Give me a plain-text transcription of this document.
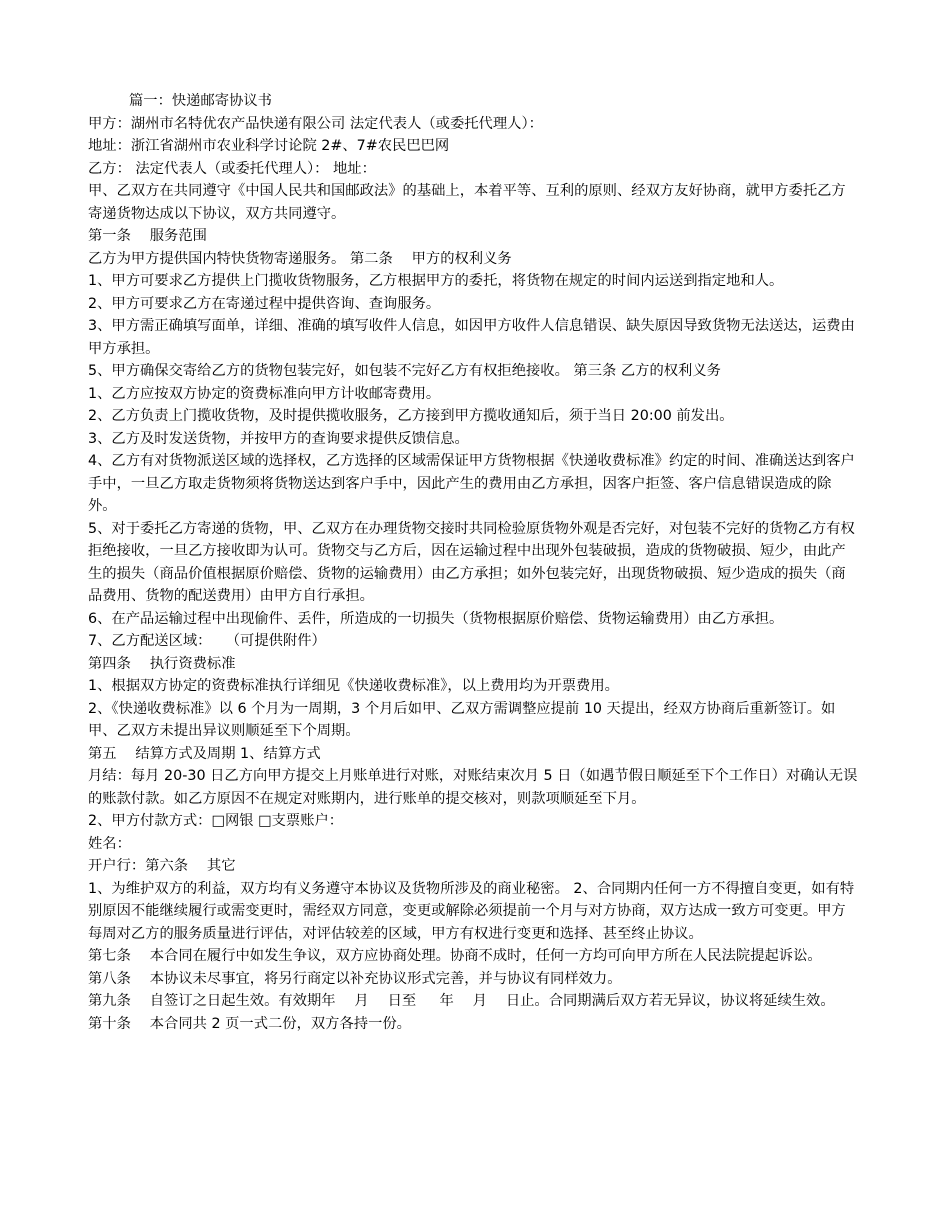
篇一：快递邮寄协议书

甲方：湖州市名特优农产品快递有限公司 法定代表人（或委托代理人）：

地址：浙江省湖州市农业科学讨论院 2#、7#农民巴巴网

乙方： 法定代表人（或委托代理人）： 地址：

甲、乙双方在共同遵守《中国人民共和国邮政法》的基础上，本着平等、互利的原则、经双方友好协商，就甲方委托乙方寄递货物达成以下协议，双方共同遵守。

第一条　 服务范围

乙方为甲方提供国内特快货物寄递服务。 第二条 　甲方的权利义务

1、甲方可要求乙方提供上门揽收货物服务，乙方根据甲方的委托，将货物在规定的时间内运送到指定地和人。

2、甲方可要求乙方在寄递过程中提供咨询、查询服务。

3、甲方需正确填写面单，详细、准确的填写收件人信息，如因甲方收件人信息错误、缺失原因导致货物无法送达，运费由甲方承担。

5、甲方确保交寄给乙方的货物包装完好，如包装不完好乙方有权拒绝接收。 第三条 乙方的权利义务

1、乙方应按双方协定的资费标准向甲方计收邮寄费用。

2、乙方负责上门揽收货物，及时提供揽收服务，乙方接到甲方揽收通知后，须于当日 20:00 前发出。

3、乙方及时发送货物，并按甲方的查询要求提供反馈信息。

4、乙方有对货物派送区域的选择权，乙方选择的区域需保证甲方货物根据《快递收费标准》约定的时间、准确送达到客户手中，一旦乙方取走货物须将货物送达到客户手中，因此产生的费用由乙方承担，因客户拒签、客户信息错误造成的除外。

5、对于委托乙方寄递的货物，甲、乙双方在办理货物交接时共同检验原货物外观是否完好，对包装不完好的货物乙方有权拒绝接收，一旦乙方接收即为认可。货物交与乙方后，因在运输过程中出现外包装破损，造成的货物破损、短少，由此产生的损失（商品价值根据原价赔偿、货物的运输费用）由乙方承担；如外包装完好，出现货物破损、短少造成的损失（商品费用、货物的配送费用）由甲方自行承担。

6、在产品运输过程中出现偷件、丢件，所造成的一切损失（货物根据原价赔偿、货物运输费用）由乙方承担。

7、乙方配送区域：　　（可提供附件）

第四条 　执行资费标准

1、根据双方协定的资费标准执行详细见《快递收费标准》，以上费用均为开票费用。

2、《快递收费标准》以 6 个月为一周期，3 个月后如甲、乙双方需调整应提前 10 天提出，经双方协商后重新签订。如甲、乙双方未提出异议则顺延至下个周期。

第五 　结算方式及周期 1、结算方式

月结：每月 20-30 日乙方向甲方提交上月账单进行对账，对账结束次月 5 日（如遇节假日顺延至下个工作日）对确认无误的账款付款。如乙方原因不在规定对账期内，进行账单的提交核对，则款项顺延至下月。

2、甲方付款方式：□网银 □支票账户：

姓名：

开户行：第六条 　其它

1、为维护双方的利益，双方均有义务遵守本协议及货物所涉及的商业秘密。 2、合同期内任何一方不得擅自变更，如有特别原因不能继续履行或需变更时，需经双方同意，变更或解除必须提前一个月与对方协商，双方达成一致方可变更。甲方每周对乙方的服务质量进行评估，对评估较差的区域，甲方有权进行变更和选择、甚至终止协议。

第七条 　本合同在履行中如发生争议，双方应协商处理。协商不成时，任何一方均可向甲方所在人民法院提起诉讼。

第八条 　本协议未尽事宜，将另行商定以补充协议形式完善，并与协议有同样效力。

第九条 　自签订之日起生效。有效期年　 月 　日至 　 年 　月 　日止。合同期满后双方若无异议，协议将延续生效。

第十条 　本合同共 2 页一式二份，双方各持一份。
